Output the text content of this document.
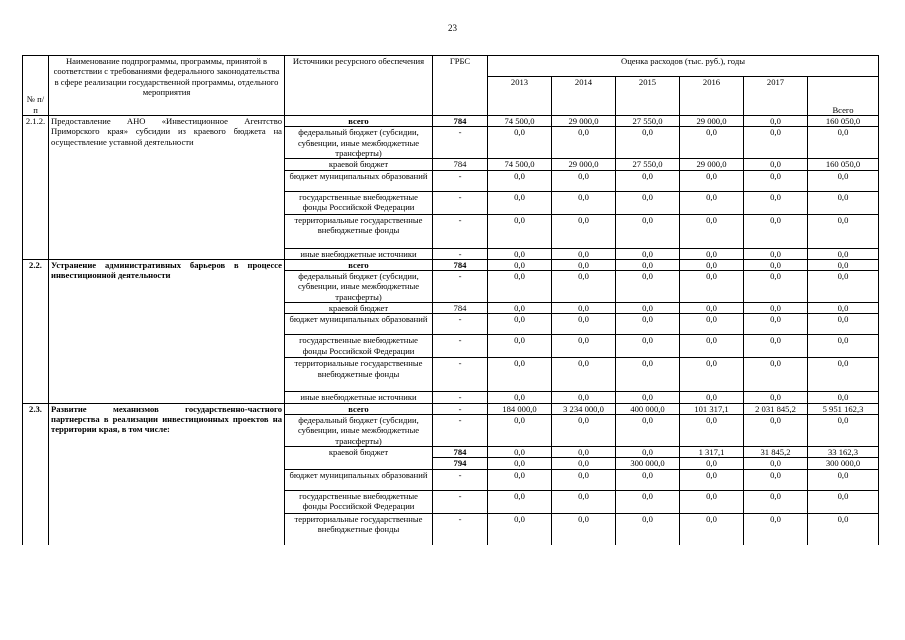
23
№ п/п	Наименование подпрограммы, программы, принятой в соответствии с требованиями федерального законодательства в сфере реализации государственной программы, отдельного мероприятия	Источники ресурсного обеспечения	ГРБС	Оценка расходов (тыс. руб.), годы					
				2013	2014	2015	2016	2017	Всего
2.1.2.	Предоставление АНО «Инвестиционное Агентство Приморского края» субсидии из краевого бюджета на осуществление уставной деятельности	всего	784	74 500,0	29 000,0	27 550,0	29 000,0	0,0	160 050,0
		федеральный бюджет (субсидии, субвенции, иные межбюджетные трансферты)	-	0,0	0,0	0,0	0,0	0,0	0,0
		краевой бюджет	784	74 500,0	29 000,0	27 550,0	29 000,0	0,0	160 050,0
		бюджет муниципальных образований	-	0,0	0,0	0,0	0,0	0,0	0,0
		государственные внебюджетные фонды Российской Федерации	-	0,0	0,0	0,0	0,0	0,0	0,0
		территориальные государственные внебюджетные фонды	-	0,0	0,0	0,0	0,0	0,0	0,0
		иные внебюджетные источники	-	0,0	0,0	0,0	0,0	0,0	0,0
2.2.	Устранение административных барьеров в процессе инвестиционной деятельности	всего	784	0,0	0,0	0,0	0,0	0,0	0,0
		федеральный бюджет (субсидии, субвенции, иные межбюджетные трансферты)	-	0,0	0,0	0,0	0,0	0,0	0,0
		краевой бюджет	784	0,0	0,0	0,0	0,0	0,0	0,0
		бюджет муниципальных образований	-	0,0	0,0	0,0	0,0	0,0	0,0
		государственные внебюджетные фонды Российской Федерации	-	0,0	0,0	0,0	0,0	0,0	0,0
		территориальные государственные внебюджетные фонды	-	0,0	0,0	0,0	0,0	0,0	0,0
		иные внебюджетные источники	-	0,0	0,0	0,0	0,0	0,0	0,0
2.3.	Развитие механизмов государственно-частного партнерства в реализации инвестиционных проектов на территории края, в том числе:	всего	-	184 000,0	3 234 000,0	400 000,0	101 317,1	2 031 845,2	5 951 162,3
		федеральный бюджет (субсидии, субвенции, иные межбюджетные трансферты)	-	0,0	0,0	0,0	0,0	0,0	0,0
		краевой бюджет	784	0,0	0,0	0,0	1 317,1	31 845,2	33 162,3
			794	0,0	0,0	300 000,0	0,0	0,0	300 000,0
		бюджет муниципальных образований	-	0,0	0,0	0,0	0,0	0,0	0,0
		государственные внебюджетные фонды Российской Федерации	-	0,0	0,0	0,0	0,0	0,0	0,0
		территориальные государственные внебюджетные фонды	-	0,0	0,0	0,0	0,0	0,0	0,0
